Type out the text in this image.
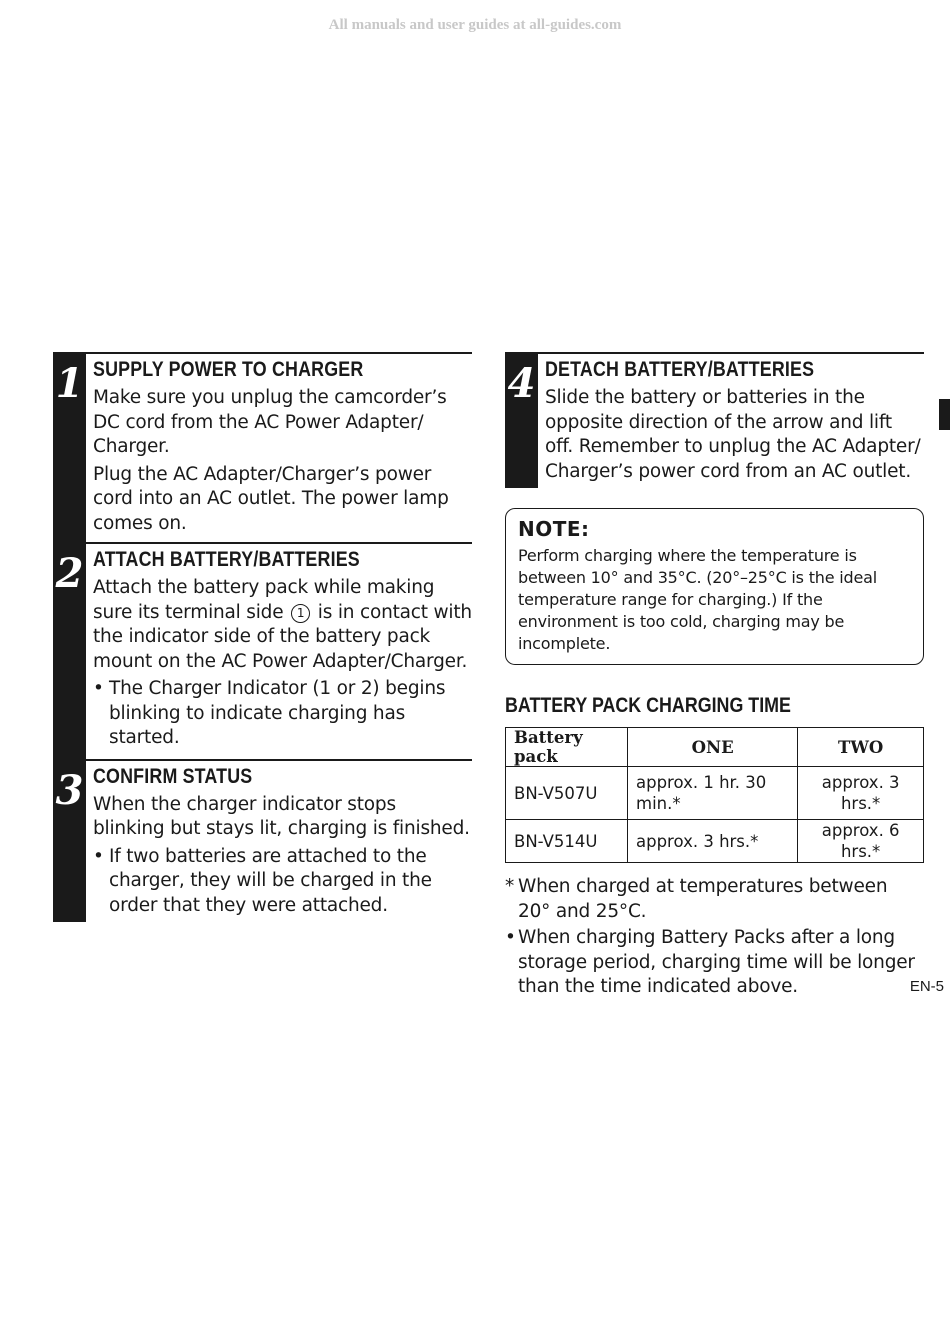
All manuals and user guides at all-guides.com
1 SUPPLY POWER TO CHARGER

Make sure you unplug the camcorder’s DC cord from the AC Power Adapter/ Charger.

Plug the AC Adapter/Charger’s power cord into an AC outlet. The power lamp comes on.

2 ATTACH BATTERY/BATTERIES

Attach the battery pack while making sure its terminal side 1 is in contact with the indicator side of the battery pack mount on the AC Power Adapter/Charger.

• The Charger Indicator (1 or 2) begins blinking to indicate charging has started.
3 CONFIRM STATUS

When the charger indicator stops blinking but stays lit, charging is finished.

• If two batteries are attached to the charger, they will be charged in the order that they were attached.
4 DETACH BATTERY/BATTERIES

Slide the battery or batteries in the opposite direction of the arrow and lift off. Remember to unplug the AC Adapter/ Charger’s power cord from an AC outlet.

NOTE:
Perform charging where the temperature is between 10° and 35°C. (20°–25°C is the ideal temperature range for charging.) If the environment is too cold, charging may be incomplete.
BATTERY PACK CHARGING TIME
Battery pack	ONE	TWO
BN-V507U	approx. 1 hr. 30 min.*	approx. 3 hrs.*
BN-V514U	approx. 3 hrs.*	approx. 6 hrs.*
* When charged at temperatures between 20° and 25°C.
• When charging Battery Packs after a long storage period, charging time will be longer than the time indicated above.	EN-5
